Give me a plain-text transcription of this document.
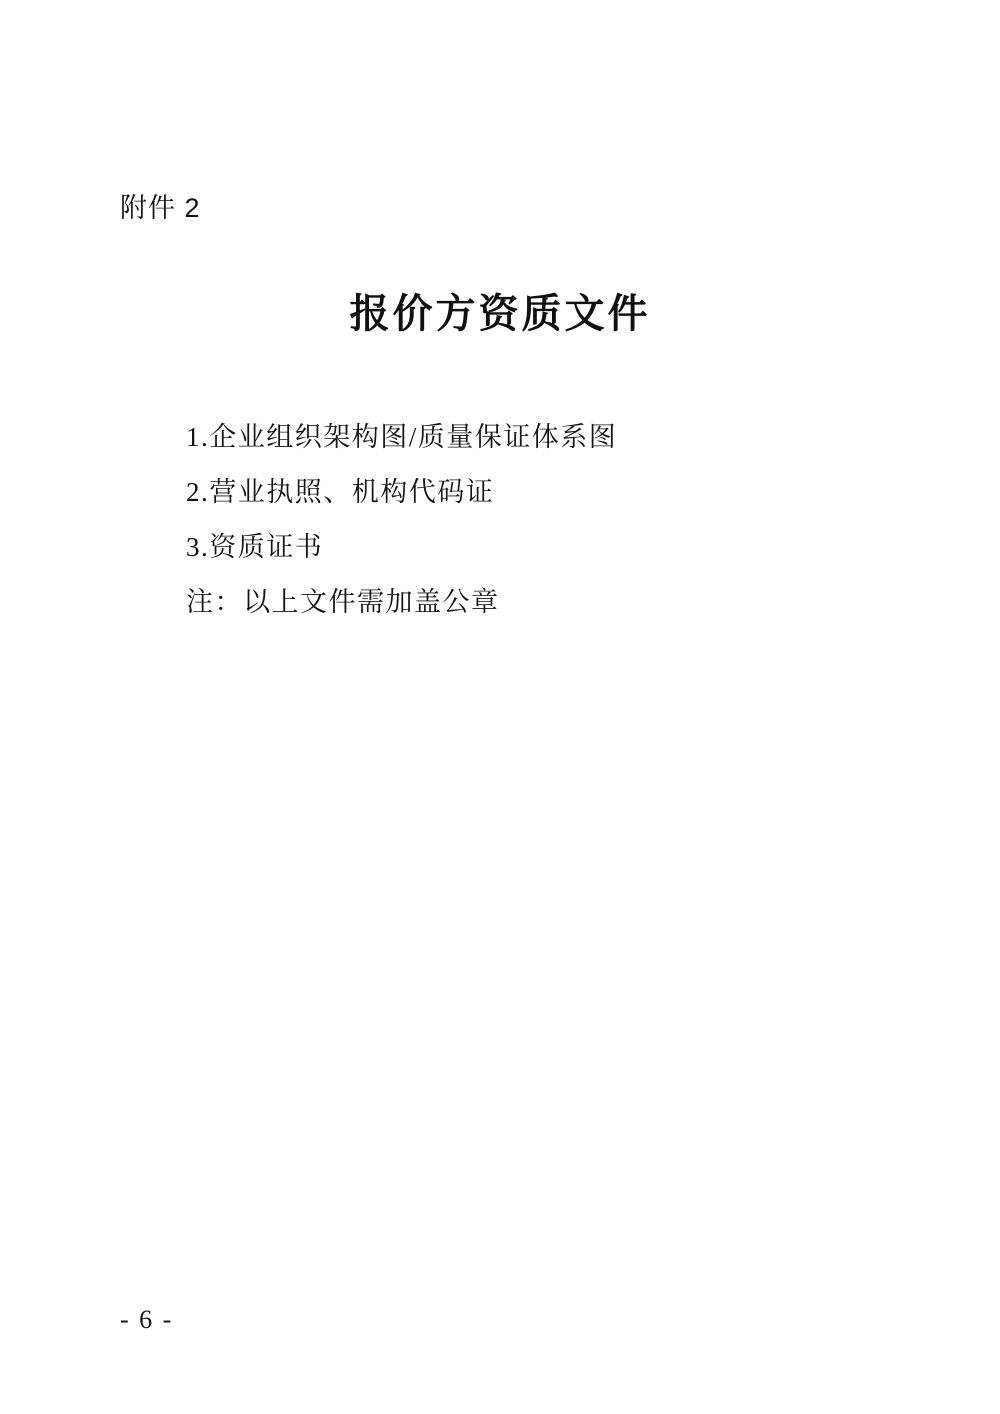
附件 2
报价方资质文件
1.企业组织架构图/质量保证体系图
2.营业执照、机构代码证
3.资质证书
注：以上文件需加盖公章
- 6 -
